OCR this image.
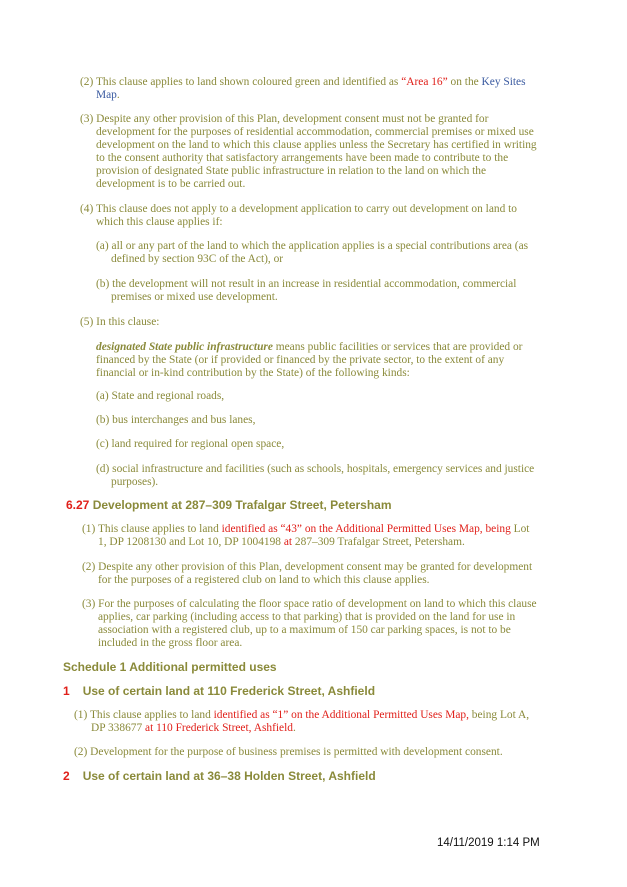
(2) This clause applies to land shown coloured green and identified as “Area 16” on the Key Sites
Map.
(3) Despite any other provision of this Plan, development consent must not be granted for
development for the purposes of residential accommodation, commercial premises or mixed use
development on the land to which this clause applies unless the Secretary has certified in writing
to the consent authority that satisfactory arrangements have been made to contribute to the
provision of designated State public infrastructure in relation to the land on which the
development is to be carried out.
(4) This clause does not apply to a development application to carry out development on land to
which this clause applies if:
(a) all or any part of the land to which the application applies is a special contributions area (as
defined by section 93C of the Act), or
(b) the development will not result in an increase in residential accommodation, commercial
premises or mixed use development.
(5) In this clause:
designated State public infrastructure means public facilities or services that are provided or
financed by the State (or if provided or financed by the private sector, to the extent of any
financial or in-kind contribution by the State) of the following kinds:
(a) State and regional roads,
(b) bus interchanges and bus lanes,
(c) land required for regional open space,
(d) social infrastructure and facilities (such as schools, hospitals, emergency services and justice
purposes).
6.27 Development at 287–309 Trafalgar Street, Petersham
(1) This clause applies to land identified as “43” on the Additional Permitted Uses Map, being Lot
1, DP 1208130 and Lot 10, DP 1004198 at 287–309 Trafalgar Street, Petersham.
(2) Despite any other provision of this Plan, development consent may be granted for development
for the purposes of a registered club on land to which this clause applies.
(3) For the purposes of calculating the floor space ratio of development on land to which this clause
applies, car parking (including access to that parking) that is provided on the land for use in
association with a registered club, up to a maximum of 150 car parking spaces, is not to be
included in the gross floor area.
Schedule 1 Additional permitted uses
1 Use of certain land at 110 Frederick Street, Ashfield
(1) This clause applies to land identified as “1” on the Additional Permitted Uses Map, being Lot A,
DP 338677 at 110 Frederick Street, Ashfield.
(2) Development for the purpose of business premises is permitted with development consent.
2 Use of certain land at 36–38 Holden Street, Ashfield
14/11/2019 1:14 PM
